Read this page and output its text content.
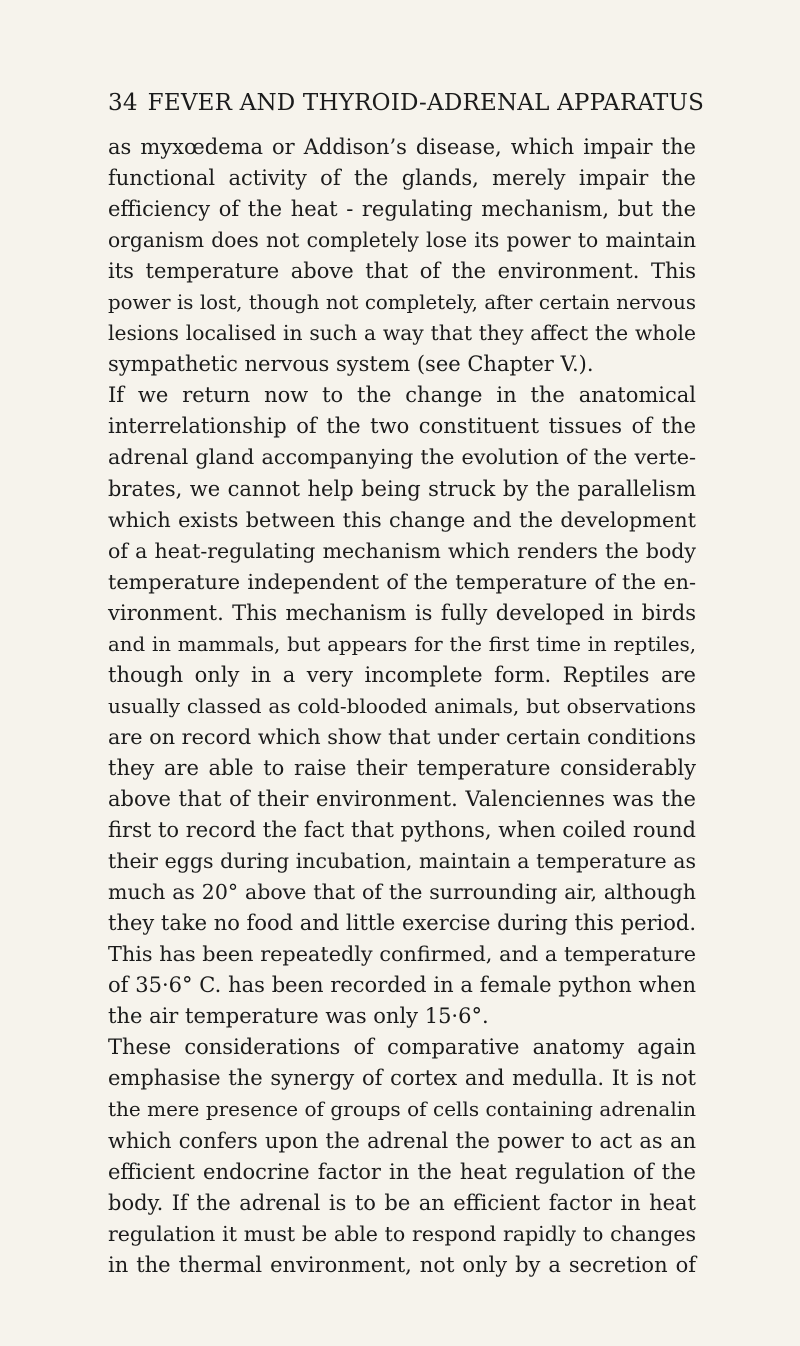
34 FEVER AND THYROID-ADRENAL APPARATUS
as myxœdema or Addison’s disease, which impair the
functional activity of the glands, merely impair the
efficiency of the heat - regulating mechanism, but the
organism does not completely lose its power to maintain
its temperature above that of the environment. This
power is lost, though not completely, after certain nervous
lesions localised in such a way that they affect the whole
sympathetic nervous system (see Chapter V.).
If we return now to the change in the anatomical
interrelationship of the two constituent tissues of the
adrenal gland accompanying the evolution of the verte-
brates, we cannot help being struck by the parallelism
which exists between this change and the development
of a heat-regulating mechanism which renders the body
temperature independent of the temperature of the en-
vironment. This mechanism is fully developed in birds
and in mammals, but appears for the first time in reptiles,
though only in a very incomplete form. Reptiles are
usually classed as cold-blooded animals, but observations
are on record which show that under certain conditions
they are able to raise their temperature considerably
above that of their environment. Valenciennes was the
first to record the fact that pythons, when coiled round
their eggs during incubation, maintain a temperature as
much as 20° above that of the surrounding air, although
they take no food and little exercise during this period.
This has been repeatedly confirmed, and a temperature
of 35·6° C. has been recorded in a female python when
the air temperature was only 15·6°.
These considerations of comparative anatomy again
emphasise the synergy of cortex and medulla. It is not
the mere presence of groups of cells containing adrenalin
which confers upon the adrenal the power to act as an
efficient endocrine factor in the heat regulation of the
body. If the adrenal is to be an efficient factor in heat
regulation it must be able to respond rapidly to changes
in the thermal environment, not only by a secretion of
